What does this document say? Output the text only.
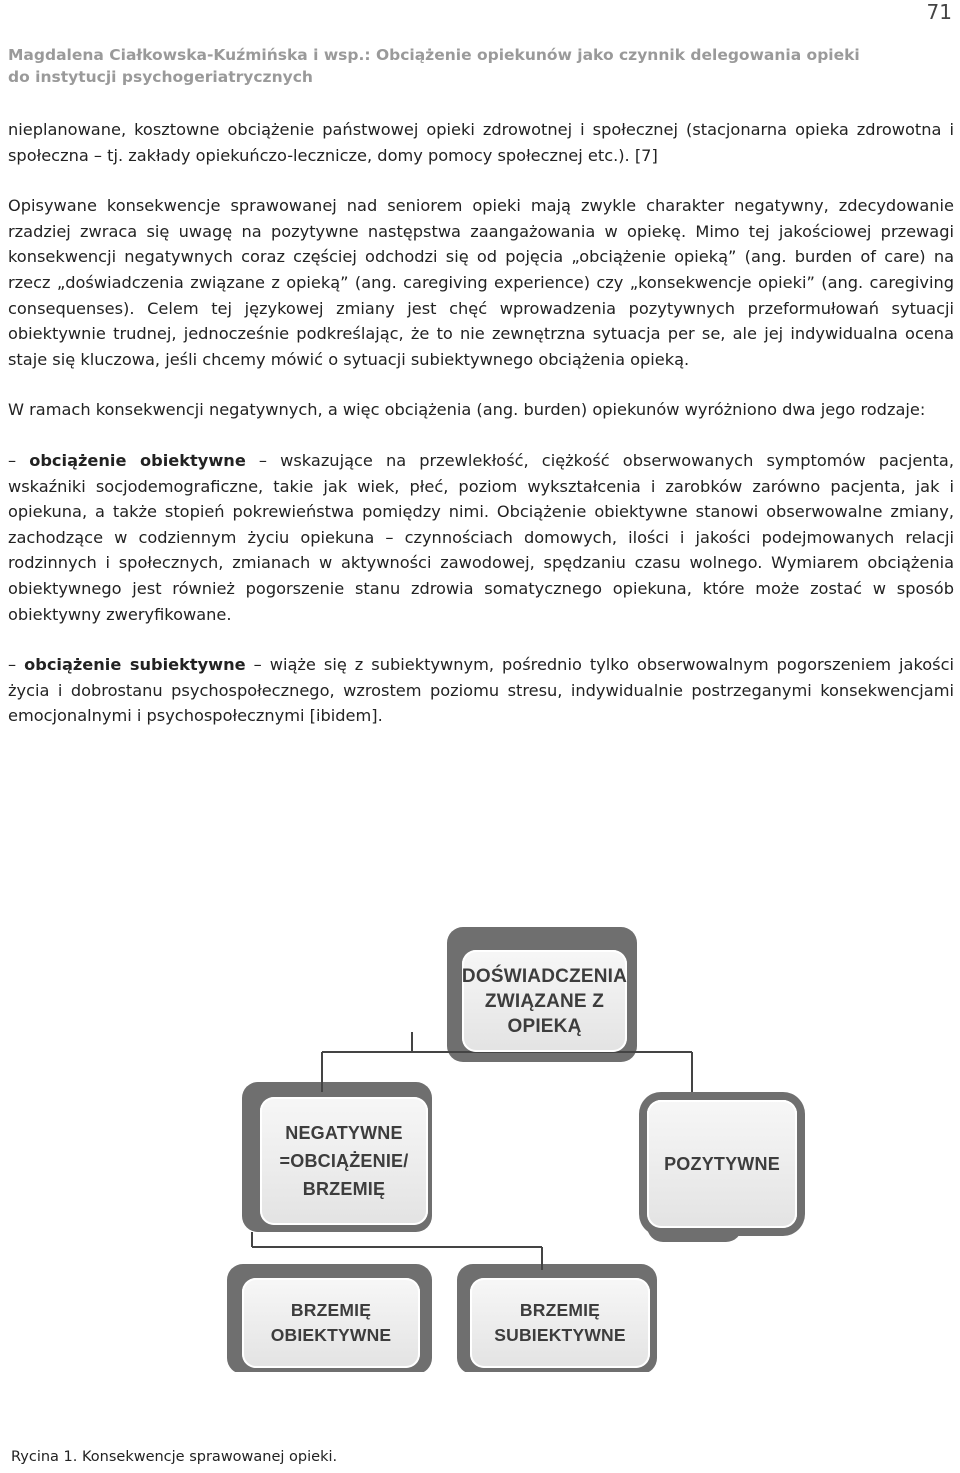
71
Magdalena Ciałkowska-Kuźmińska i wsp.: Obciążenie opiekunów jako czynnik delegowania opieki
do instytucji psychogeriatrycznych

nieplanowane, kosztowne obciążenie państwowej opieki zdrowotnej i społecznej (stacjonarna opieka zdrowotna i społeczna – tj. zakłady opiekuńczo-lecznicze, domy pomocy społecznej etc.). [7]

Opisywane konsekwencje sprawowanej nad seniorem opieki mają zwykle charakter negatywny, zdecydowanie rzadziej zwraca się uwagę na pozytywne następstwa zaangażowania w opiekę. Mimo tej jakościowej przewagi konsekwencji negatywnych coraz częściej odchodzi się od pojęcia „obciążenie opieką” (ang. burden of care) na rzecz „doświadczenia związane z opieką” (ang. caregiving experience) czy „konsekwencje opieki” (ang. caregiving consequenses). Celem tej językowej zmiany jest chęć wprowadzenia pozytywnych przeformułowań sytuacji obiektywnie trudnej, jednocześnie podkreślając, że to nie zewnętrzna sytuacja per se, ale jej indywidualna ocena staje się kluczowa, jeśli chcemy mówić o sytuacji subiektywnego obciążenia opieką.

W ramach konsekwencji negatywnych, a więc obciążenia (ang. burden) opiekunów wyróżniono dwa jego rodzaje:

– obciążenie obiektywne – wskazujące na przewlekłość, ciężkość obserwowanych symptomów pacjenta, wskaźniki socjodemograficzne, takie jak wiek, płeć, poziom wykształcenia i zarobków zarówno pacjenta, jak i opiekuna, a także stopień pokrewieństwa pomiędzy nimi. Obciążenie obiektywne stanowi obserwowalne zmiany, zachodzące w codziennym życiu opiekuna – czynnościach domowych, ilości i jakości podejmowanych relacji rodzinnych i społecznych, zmianach w aktywności zawodowej, spędzaniu czasu wolnego. Wymiarem obciążenia obiektywnego jest również pogorszenie stanu zdrowia somatycznego opiekuna, które może zostać w sposób obiektywny zweryfikowane.

– obciążenie subiektywne – wiąże się z subiektywnym, pośrednio tylko obserwowalnym pogorszeniem jakości życia i dobrostanu psychospołecznego, wzrostem poziomu stresu, indywidualnie postrzeganymi konsekwencjami emocjonalnymi i psychospołecznymi [ibidem].

DOŚWIADCZENIA
ZWIĄZANE Z
OPIEKĄ
NEGATYWNE
=OBCIĄŻENIE/
BRZEMIĘ
POZYTYWNE
BRZEMIĘ
OBIEKTYWNE
BRZEMIĘ
SUBIEKTYWNE
Rycina 1. Konsekwencje sprawowanej opieki.
